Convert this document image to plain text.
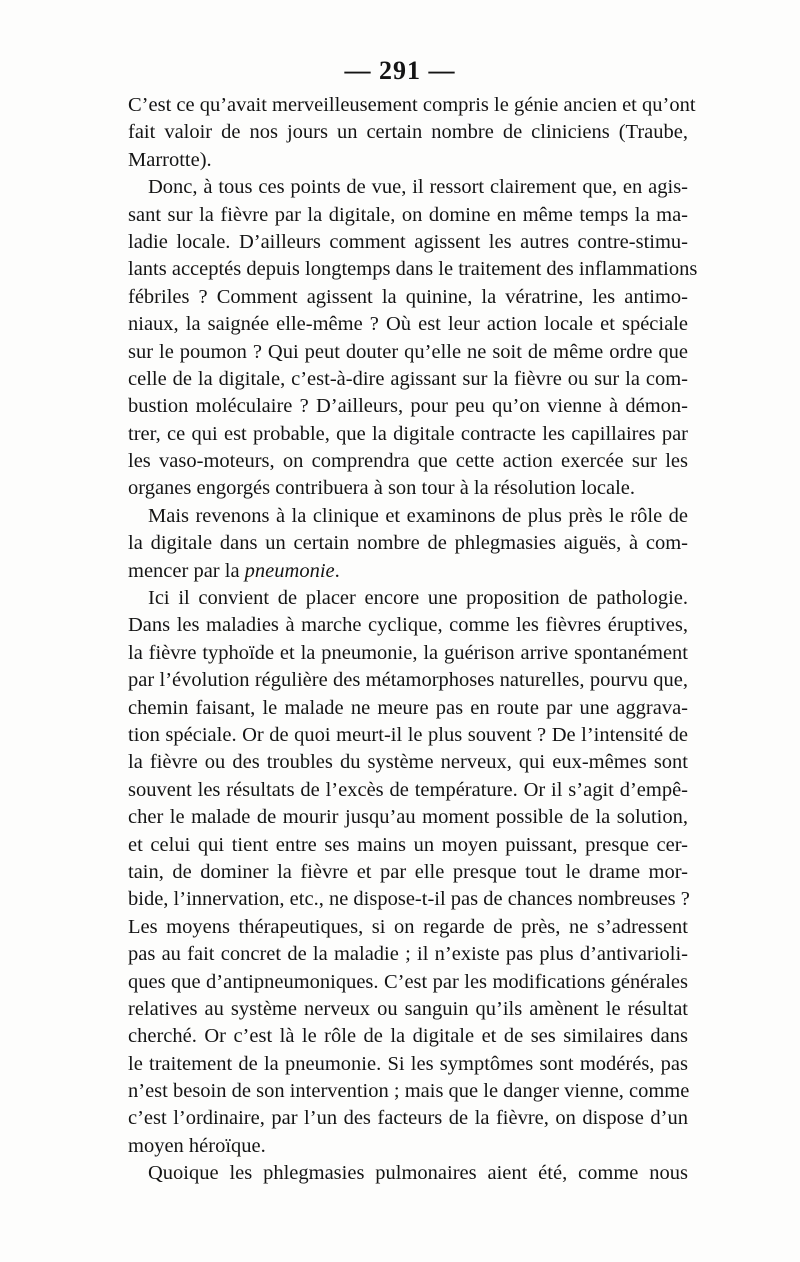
— 291 —
C’est ce qu’avait merveilleusement compris le génie ancien et qu’ont
fait valoir de nos jours un certain nombre de cliniciens (Traube,
Marrotte).
Donc, à tous ces points de vue, il ressort clairement que, en agis-
sant sur la fièvre par la digitale, on domine en même temps la ma-
ladie locale. D’ailleurs comment agissent les autres contre-stimu-
lants acceptés depuis longtemps dans le traitement des inflammations
fébriles ? Comment agissent la quinine, la vératrine, les antimo-
niaux, la saignée elle-même ? Où est leur action locale et spéciale
sur le poumon ? Qui peut douter qu’elle ne soit de même ordre que
celle de la digitale, c’est-à-dire agissant sur la fièvre ou sur la com-
bustion moléculaire ? D’ailleurs, pour peu qu’on vienne à démon-
trer, ce qui est probable, que la digitale contracte les capillaires par
les vaso-moteurs, on comprendra que cette action exercée sur les
organes engorgés contribuera à son tour à la résolution locale.
Mais revenons à la clinique et examinons de plus près le rôle de
la digitale dans un certain nombre de phlegmasies aiguës, à com-
mencer par la pneumonie.
Ici il convient de placer encore une proposition de pathologie.
Dans les maladies à marche cyclique, comme les fièvres éruptives,
la fièvre typhoïde et la pneumonie, la guérison arrive spontanément
par l’évolution régulière des métamorphoses naturelles, pourvu que,
chemin faisant, le malade ne meure pas en route par une aggrava-
tion spéciale. Or de quoi meurt-il le plus souvent ? De l’intensité de
la fièvre ou des troubles du système nerveux, qui eux-mêmes sont
souvent les résultats de l’excès de température. Or il s’agit d’empê-
cher le malade de mourir jusqu’au moment possible de la solution,
et celui qui tient entre ses mains un moyen puissant, presque cer-
tain, de dominer la fièvre et par elle presque tout le drame mor-
bide, l’innervation, etc., ne dispose-t-il pas de chances nombreuses ?
Les moyens thérapeutiques, si on regarde de près, ne s’adressent
pas au fait concret de la maladie ; il n’existe pas plus d’antivarioli-
ques que d’antipneumoniques. C’est par les modifications générales
relatives au système nerveux ou sanguin qu’ils amènent le résultat
cherché. Or c’est là le rôle de la digitale et de ses similaires dans
le traitement de la pneumonie. Si les symptômes sont modérés, pas
n’est besoin de son intervention ; mais que le danger vienne, comme
c’est l’ordinaire, par l’un des facteurs de la fièvre, on dispose d’un
moyen héroïque.
Quoique les phlegmasies pulmonaires aient été, comme nous
